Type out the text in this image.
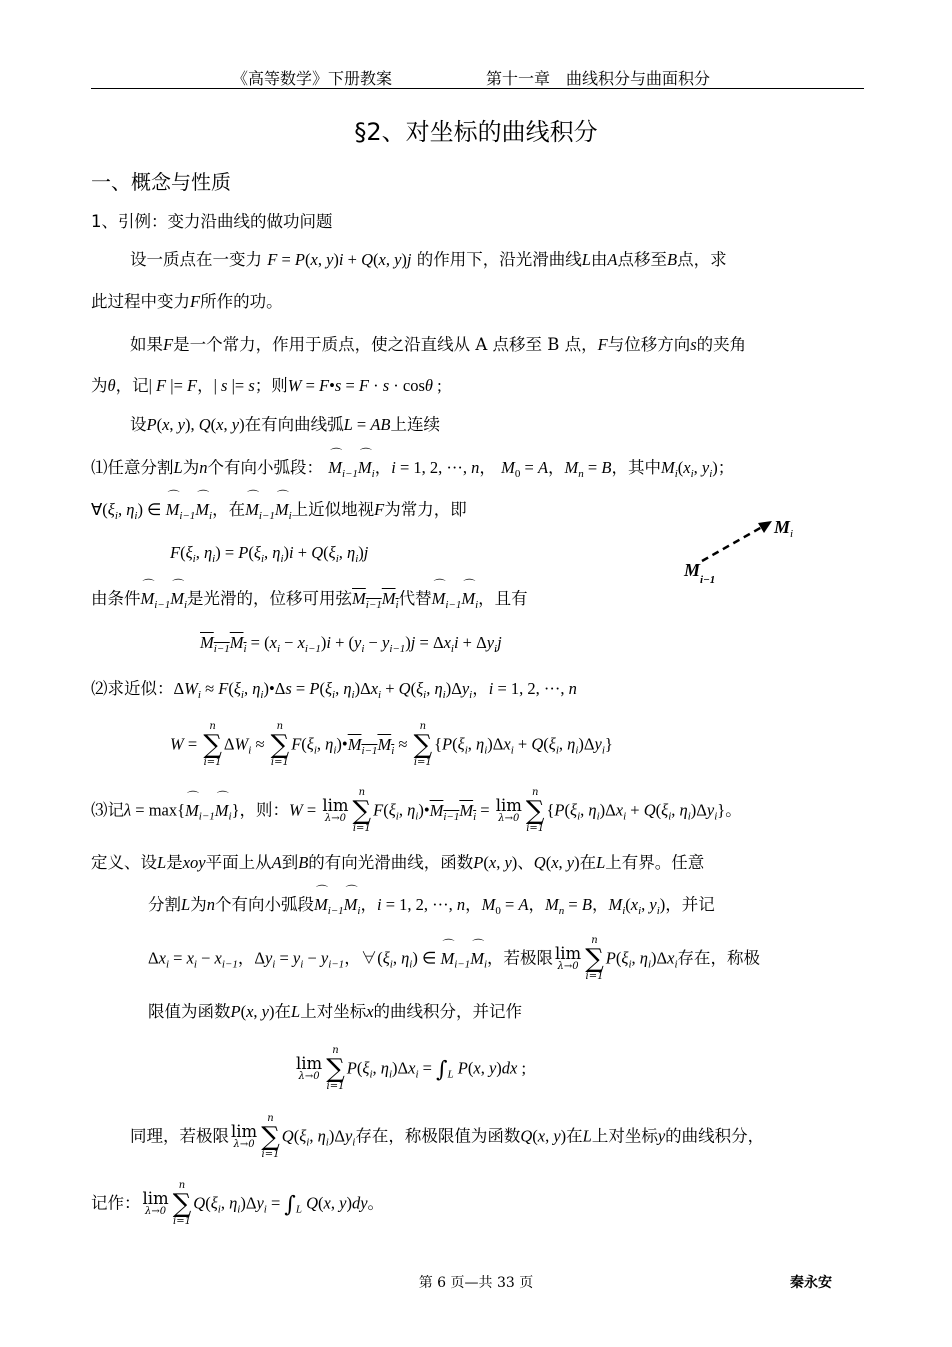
《高等数学》下册教案	第十一章　曲线积分与曲面积分
§2、对坐标的曲线积分
一、概念与性质
1、引例：变力沿曲线的做功问题
设一质点在一变力 F = P(x, y)i + Q(x, y)j 的作用下，沿光滑曲线L由A点移至B点，求
此过程中变力F所作的功。
如果F是一个常力，作用于质点，使之沿直线从 A 点移至 B 点，F与位移方向s的夹角
为θ，记| F |= F，| s |= s；则W = F•s = F · s · cosθ ;
设P(x, y), Q(x, y)在有向曲线弧L = AB上连续
⑴任意分割L为n个有向小弧段： ⌒ $M_{i-1}⌒$ $M_i$，i = 1, 2, ···, n， $M_0 = A$，$M_n = B$，其中$M_i(x_i$, $y_i$)；
$\forall(\xi_i$, $\eta_i$) ∈ ⌒ $M_{i-1}⌒$ $M_i$，在⌒ $M_{i-1}⌒$ $M_i$上近似地视F为常力，即
$F(\xi_i$, $\eta_i) = P(\xi_i$, $\eta_i)i + Q(\xi_i$, $\eta_i)j$
$M_i$
$M_{i-1}$
由条件⌒ $M_{i-1}⌒$ $M_i$是光滑的，位移可用弦$M_{i-1}M_i$代替⌒ $M_{i-1}⌒$ $M_i$，且有
$M_{i-1}M_i = (x_i - x_{i-1})i + (y_i - y_{i-1})j = \Delta x_ii + \Delta y_ij$
⑵求近似：$\Delta W_i \approx F(\xi_i$, $\eta_i)•\Delta s = P(\xi_i$, $\eta_i)\Delta x_i + Q(\xi_i$, $\eta_i)\Delta y_i$，i = 1, 2, ···, n
W =
n
∑
i=1
$\Delta W_i$ ≈
n
∑
i=1
$F(\xi_i$, $\eta_i)•M_{i-1}M_i$ ≈
n
∑
i=1
{$P(\xi_i$, $\eta_i)\Delta x_i + Q(\xi_i$, $\eta_i)\Delta y_i$}
⑶记λ = max{⌒ $M_{i-1}⌒$ $M_i$}，则：W = lim
λ→0
n
∑
i=1
$F(\xi_i$, $\eta_i)•M_{i-1}M_i = \lim$
λ→0
n
∑
i=1
{$P(\xi_i$, $\eta_i)\Delta x_i + Q(\xi_i$, $\eta_i)\Delta y_i$}。
定义、设L是xoy平面上从A到B的有向光滑曲线，函数P(x, y)、Q(x, y)在L上有界。任意
分割L为n个有向小弧段⌒ $M_{i-1}⌒$ $M_i$，i = 1, 2, ···, n，$M_0 = A$，$M_n = B$，$M_i(x_i$, $y_i$)，并记
$\Delta x_i = x_i - x_{i-1}$，$\Delta y_i = y_i - y_{i-1}$，$\forall(\xi_i$, $\eta_i$) ∈ ⌒ $M_{i-1}⌒$ $M_i$，若极限 lim
λ→0
n
∑
i=1
$P(\xi_i$, $\eta_i)\Delta x_i$存在，称极
限值为函数P(x, y)在L上对坐标x的曲线积分，并记作
lim
λ→0
n
∑
i=1
$P(\xi_i$, $\eta_i)\Delta x_i = \int_L$ P(x, y)dx ;
同理，若极限 lim
λ→0
n
∑
i=1
$Q(\xi_i$, $\eta_i)\Delta y_i$存在，称极限值为函数Q(x, y)在L上对坐标y的曲线积分，
记作： lim
λ→0
n
∑
i=1
$Q(\xi_i$, $\eta_i)\Delta y_i = \int_L$ Q(x, y)dy。
第 6 页—共 33 页	秦永安
